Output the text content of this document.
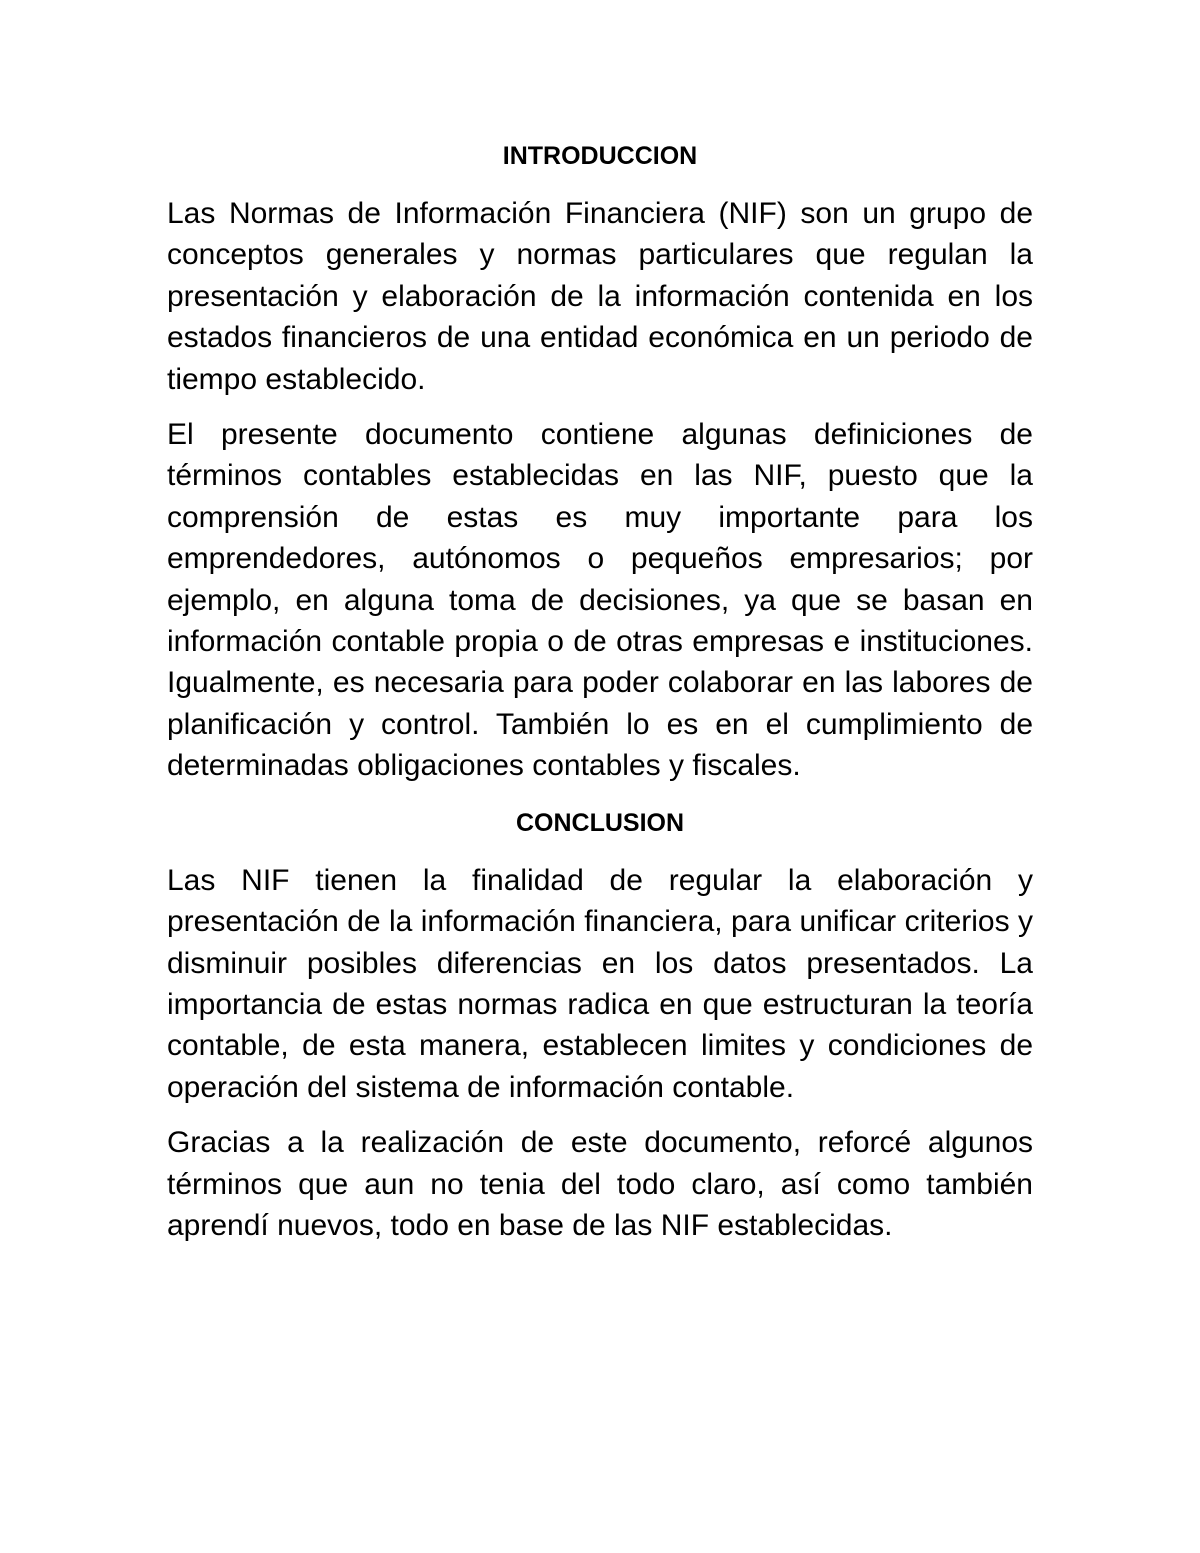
INTRODUCCION

Las Normas de Información Financiera (NIF) son un grupo de conceptos generales y normas particulares que regulan la presentación y elaboración de la información contenida en los estados financieros de una entidad económica en un periodo de tiempo establecido.

El presente documento contiene algunas definiciones de términos contables establecidas en las NIF, puesto que la comprensión de estas es muy importante para los emprendedores, autónomos o pequeños empresarios; por ejemplo, en alguna toma de decisiones, ya que se basan en información contable propia o de otras empresas e instituciones. Igualmente, es necesaria para poder colaborar en las labores de planificación y control. También lo es en el cumplimiento de determinadas obligaciones contables y fiscales.

CONCLUSION

Las NIF tienen la finalidad de regular la elaboración y presentación de la información financiera, para unificar criterios y disminuir posibles diferencias en los datos presentados. La importancia de estas normas radica en que estructuran la teoría contable, de esta manera, establecen limites y condiciones de operación del sistema de información contable.

Gracias a la realización de este documento, reforcé algunos términos que aun no tenia del todo claro, así como también aprendí nuevos, todo en base de las NIF establecidas.
